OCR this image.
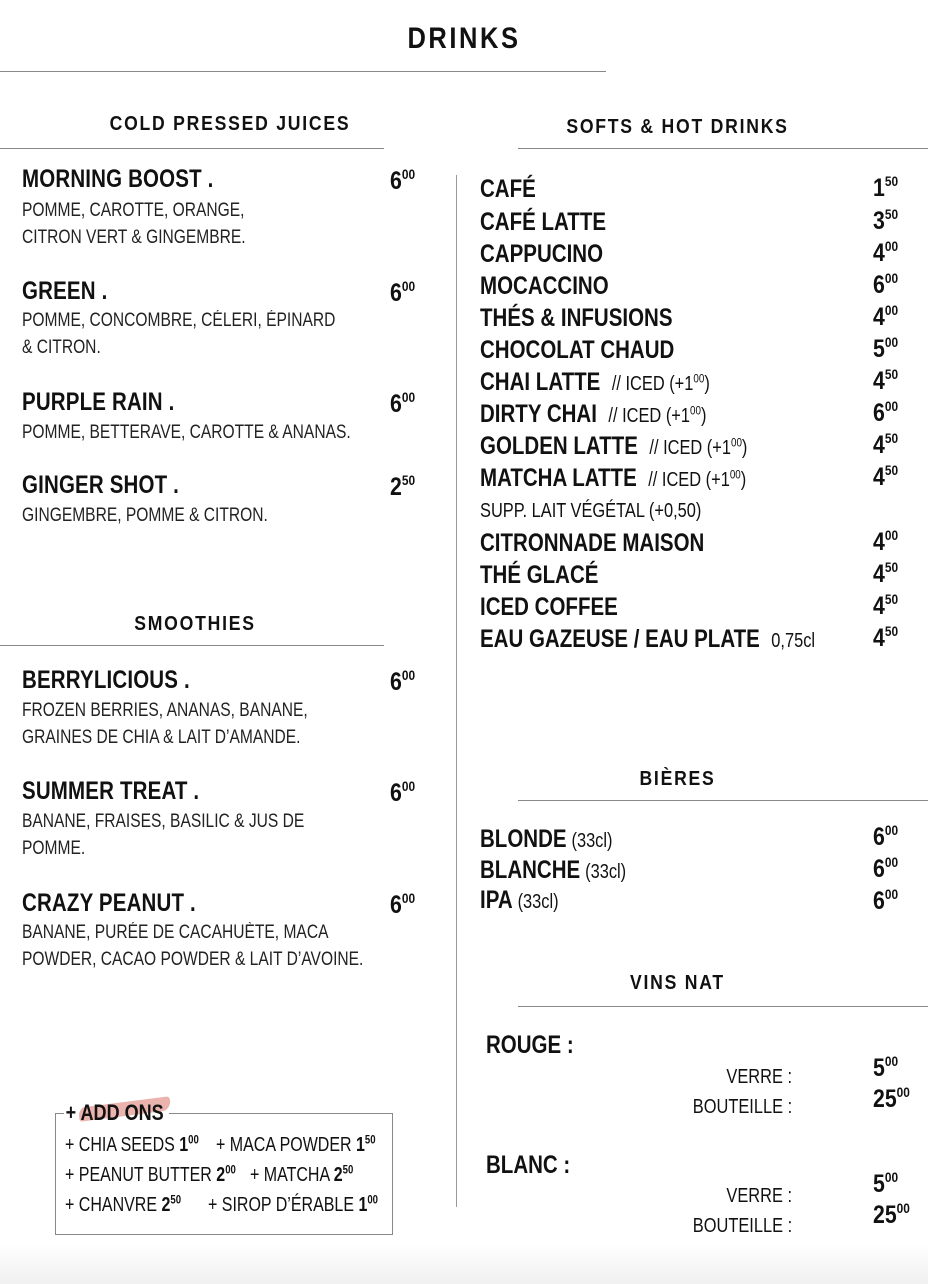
DRINKS
COLD PRESSED JUICES
MORNING BOOST .
POMME, CAROTTE, ORANGE,
CITRON VERT & GINGEMBRE.
$6^{00}$
GREEN .
POMME, CONCOMBRE, CÉLERI, ÉPINARD
& CITRON.
$6^{00}$
PURPLE RAIN .
POMME, BETTERAVE, CAROTTE & ANANAS.
$6^{00}$
GINGER SHOT .
GINGEMBRE, POMME & CITRON.
$2^{50}$
SMOOTHIES
BERRYLICIOUS .
FROZEN BERRIES, ANANAS, BANANE,
GRAINES DE CHIA & LAIT D’AMANDE.
$6^{00}$
SUMMER TREAT .
BANANE, FRAISES, BASILIC & JUS DE
POMME.
$6^{00}$
CRAZY PEANUT .
BANANE, PURÉE DE CACAHUÈTE, MACA
POWDER, CACAO POWDER & LAIT D’AVOINE.
$6^{00}$
+ ADD ONS
+ CHIA SEEDS $1^{00}$ + MACA POWDER $1^{50}$
+ PEANUT BUTTER $2^{00}$ + MATCHA $2^{50}$
+ CHANVRE $2^{50}$ + SIROP D’ÉRABLE $1^{00}$
SOFTS & HOT DRINKS
CAFÉ	$1^{50}$
CAFÉ LATTE	$3^{50}$
CAPPUCINO	$4^{00}$
MOCACCINO	$6^{00}$
THÉS & INFUSIONS	$4^{00}$
CHOCOLAT CHAUD	$5^{00}$
CHAI LATTE // ICED $(+1^{00})$	$4^{50}$
DIRTY CHAI // ICED $(+1^{00})$	$6^{00}$
GOLDEN LATTE // ICED $(+1^{00})$	$4^{50}$
MATCHA LATTE // ICED $(+1^{00})$	$4^{50}$
SUPP. LAIT VÉGÉTAL (+0,50)
CITRONNADE MAISON	$4^{00}$
THÉ GLACÉ	$4^{50}$
ICED COFFEE	$4^{50}$
EAU GAZEUSE / EAU PLATE 0,75cl $4^{50}$
BIÈRES
BLONDE (33cl)	$6^{00}$
BLANCHE (33cl)	$6^{00}$
IPA (33cl)	$6^{00}$
VINS NAT
ROUGE :
VERRE :	$5^{00}$
BOUTEILLE :	$25^{00}$
BLANC :
VERRE :	$5^{00}$
BOUTEILLE :	$25^{00}$
